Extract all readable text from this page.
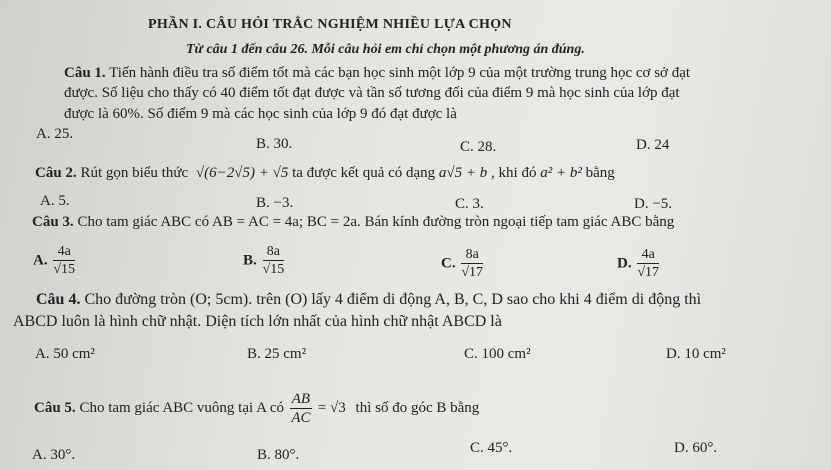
PHẦN I. CÂU HỎI TRẮC NGHIỆM NHIỀU LỰA CHỌN
Từ câu 1 đến câu 26. Mỗi câu hỏi em chỉ chọn một phương án đúng.
Câu 1. Tiến hành điều tra số điểm tốt mà các bạn học sinh một lớp 9 của một trường trung học cơ sở đạt
được. Số liệu cho thấy có 40 điểm tốt đạt được và tần số tương đối của điểm 9 mà học sinh của lớp đạt
được là 60%. Số điểm 9 mà các học sinh của lớp 9 đó đạt được là
A. 25.
B. 30.	C. 28.	D. 24
Câu 2. Rút gọn biểu thức √(6−2√5) + √5 ta được kết quả có dạng a√5 + b , khi đó a² + b² bằng
A. 5.	B. −3.	C. 3.	D. −5.
Câu 3. Cho tam giác ABC có AB = AC = 4a; BC = 2a. Bán kính đường tròn ngoại tiếp tam giác ABC bằng
A. $\frac{4a}{√15}$	B. $\frac{8a}{√15}$	C. $\frac{8a}{√17}$	D. $\frac{4a}{√17}$
Câu 4. Cho đường tròn (O; 5cm). trên (O) lấy 4 điểm di động A, B, C, D sao cho khi 4 điểm di động thì
ABCD luôn là hình chữ nhật. Diện tích lớn nhất của hình chữ nhật ABCD là
A. 50 cm²	B. 25 cm²	C. 100 cm²	D. 10 cm²
Câu 5. Cho tam giác ABC vuông tại A có $\frac{AB}{AC} = √3$ thì số đo góc B bằng
A. 30°.	B. 80°.	C. 45°.	D. 60°.
